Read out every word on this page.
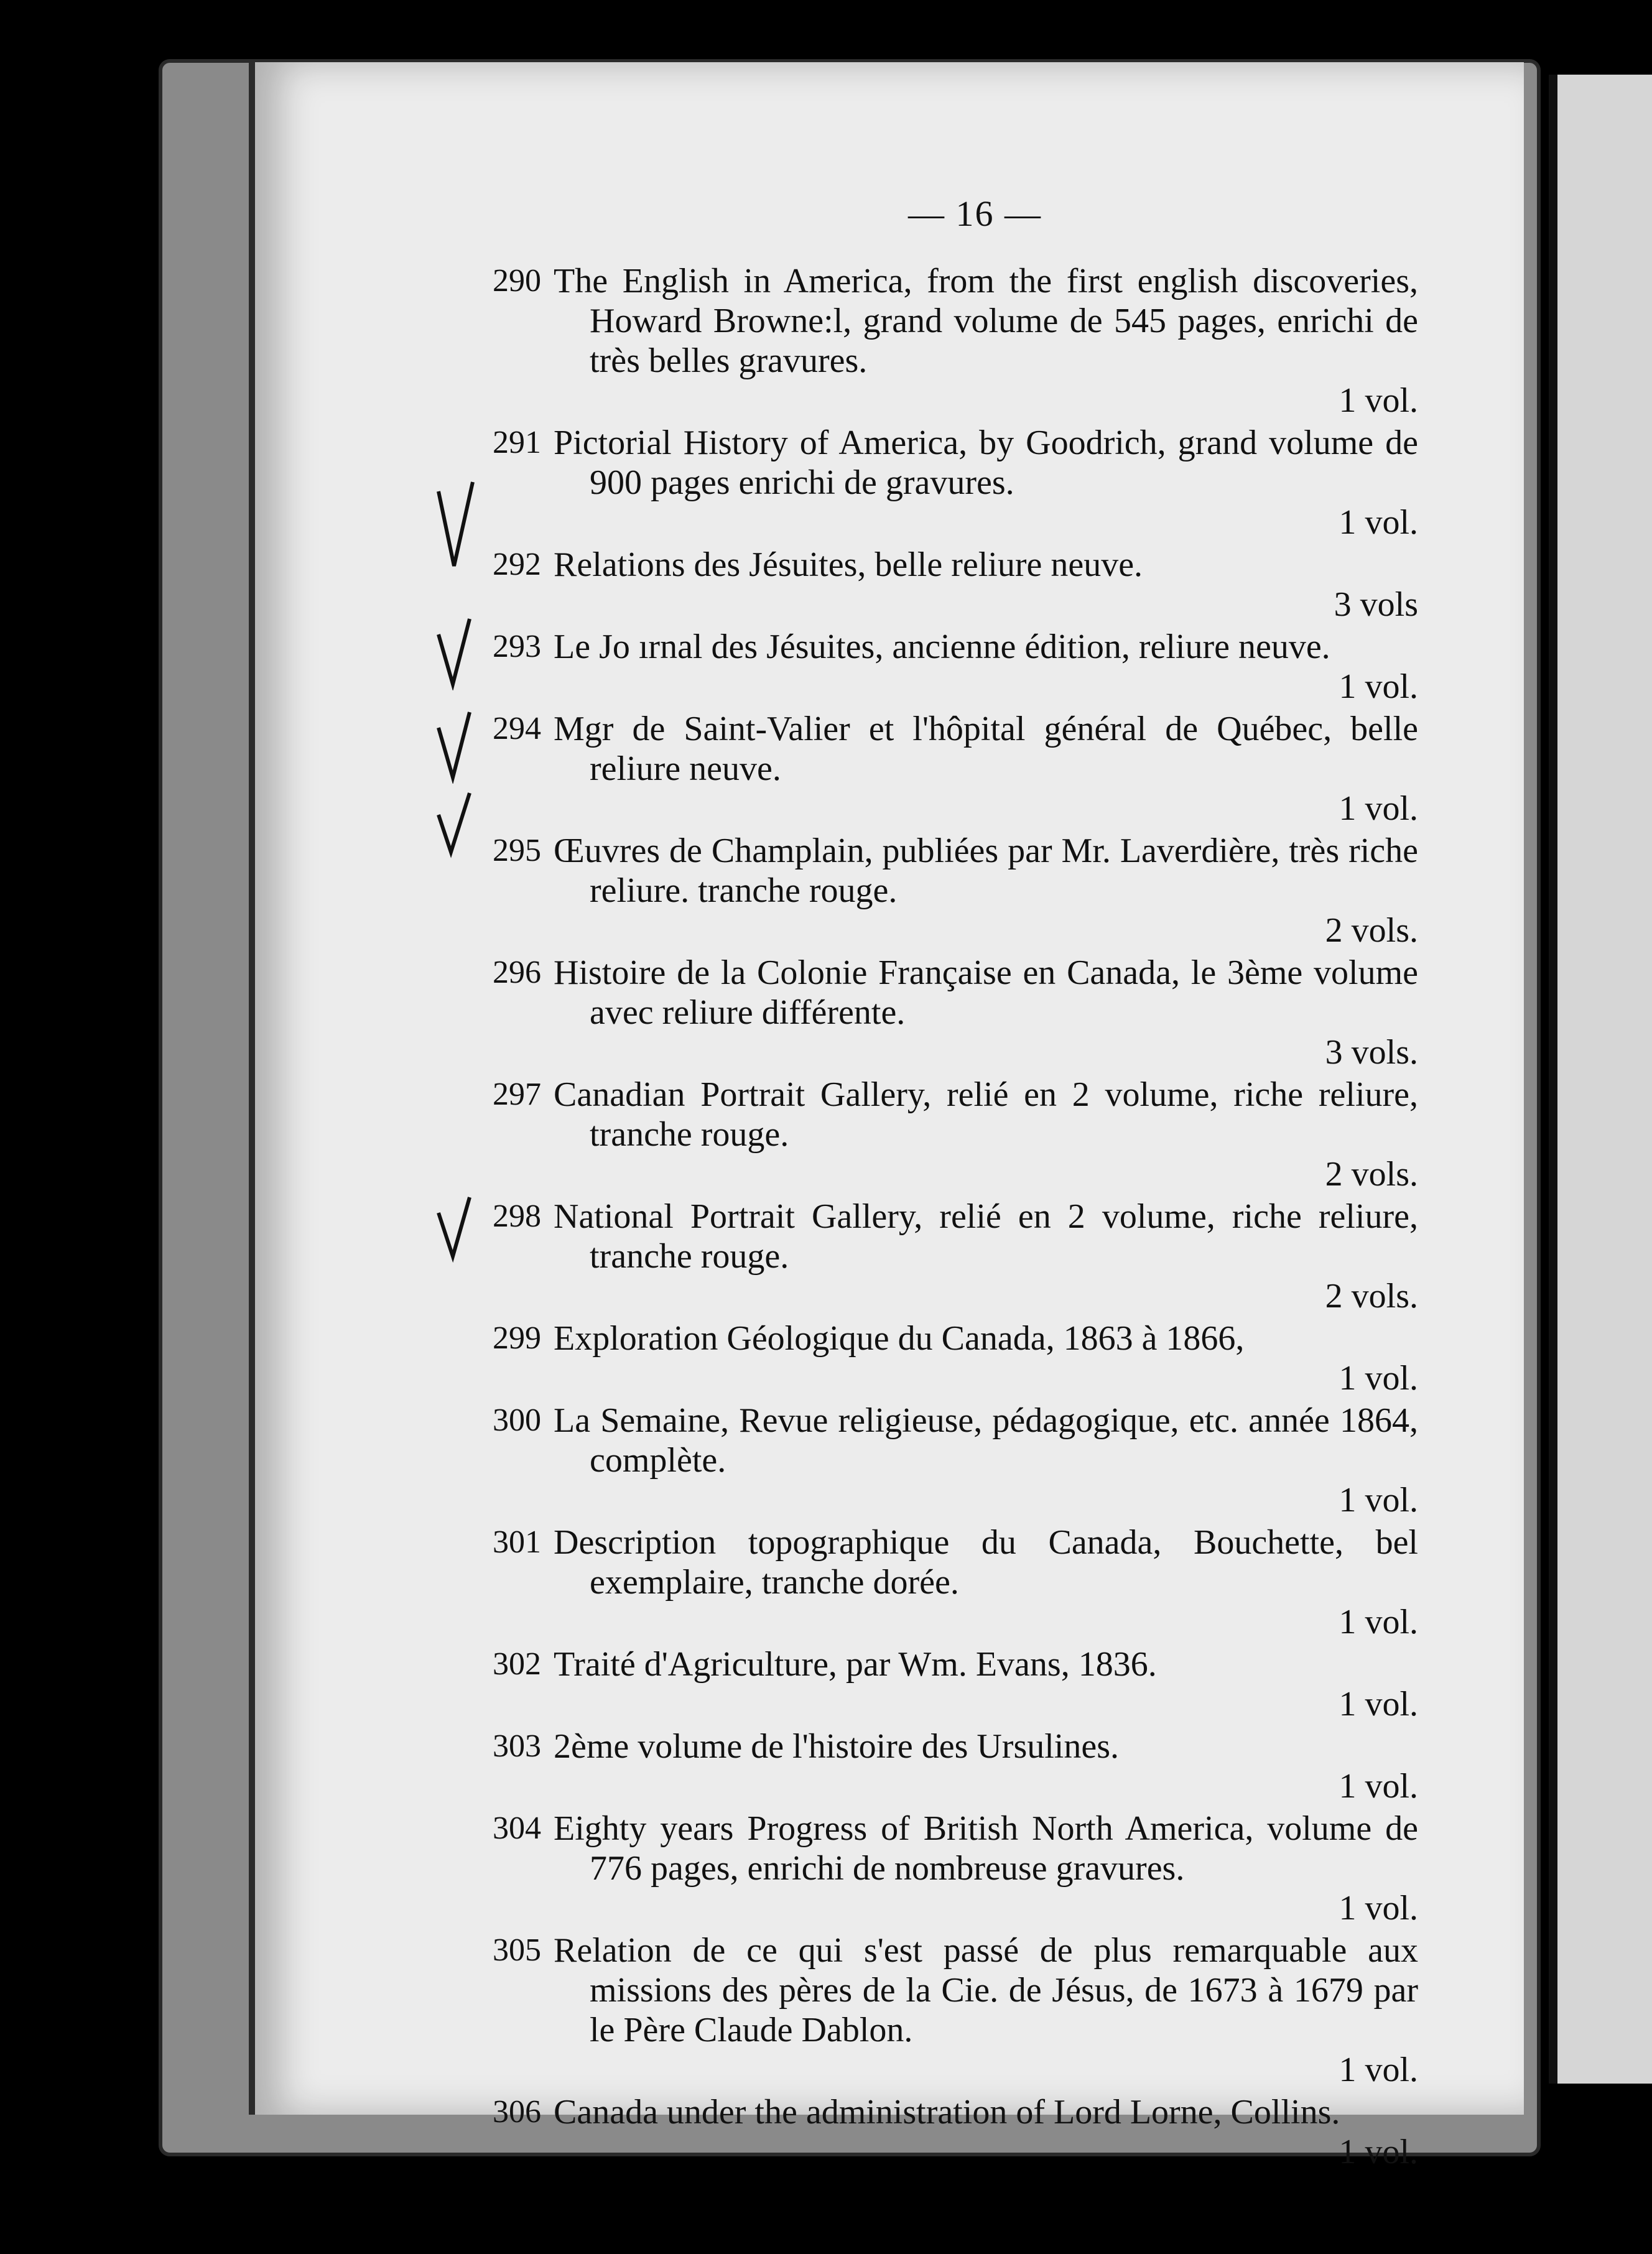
— 16 —
290 The English in America, from the first english discoveries, Howard Browne:l, grand volume de 545 pages, enrichi de très belles gravures.
1 vol.
291 Pictorial History of America, by Goodrich, grand volume de 900 pages enrichi de gravures.
1 vol.
292 Relations des Jésuites, belle reliure neuve.
3 vols
293 Le Jo ırnal des Jésuites, ancienne édition, reliure neuve.
1 vol.
294 Mgr de Saint-Valier et l'hôpital général de Québec, belle reliure neuve.
1 vol.
295 Œuvres de Champlain, publiées par Mr. Laverdière, très riche reliure. tranche rouge.
2 vols.
296 Histoire de la Colonie Française en Canada, le 3ème volume avec reliure différente.
3 vols.
297 Canadian Portrait Gallery, relié en 2 volume, riche reliure, tranche rouge.
2 vols.
298 National Portrait Gallery, relié en 2 volume, riche reliure, tranche rouge.
2 vols.
299 Exploration Géologique du Canada, 1863 à 1866,
1 vol.
300 La Semaine, Revue religieuse, pédagogique, etc. année 1864, complète.
1 vol.
301 Description topographique du Canada, Bouchette, bel exemplaire, tranche dorée.
1 vol.
302 Traité d'Agriculture, par Wm. Evans, 1836.
1 vol.
303 2ème volume de l'histoire des Ursulines.
1 vol.
304 Eighty years Progress of British North America, volume de 776 pages, enrichi de nombreuse gravures.
1 vol.
305 Relation de ce qui s'est passé de plus remarquable aux missions des pères de la Cie. de Jésus, de 1673 à 1679 par le Père Claude Dablon.
1 vol.
306 Canada under the administration of Lord Lorne, Collins.
1 vol.
